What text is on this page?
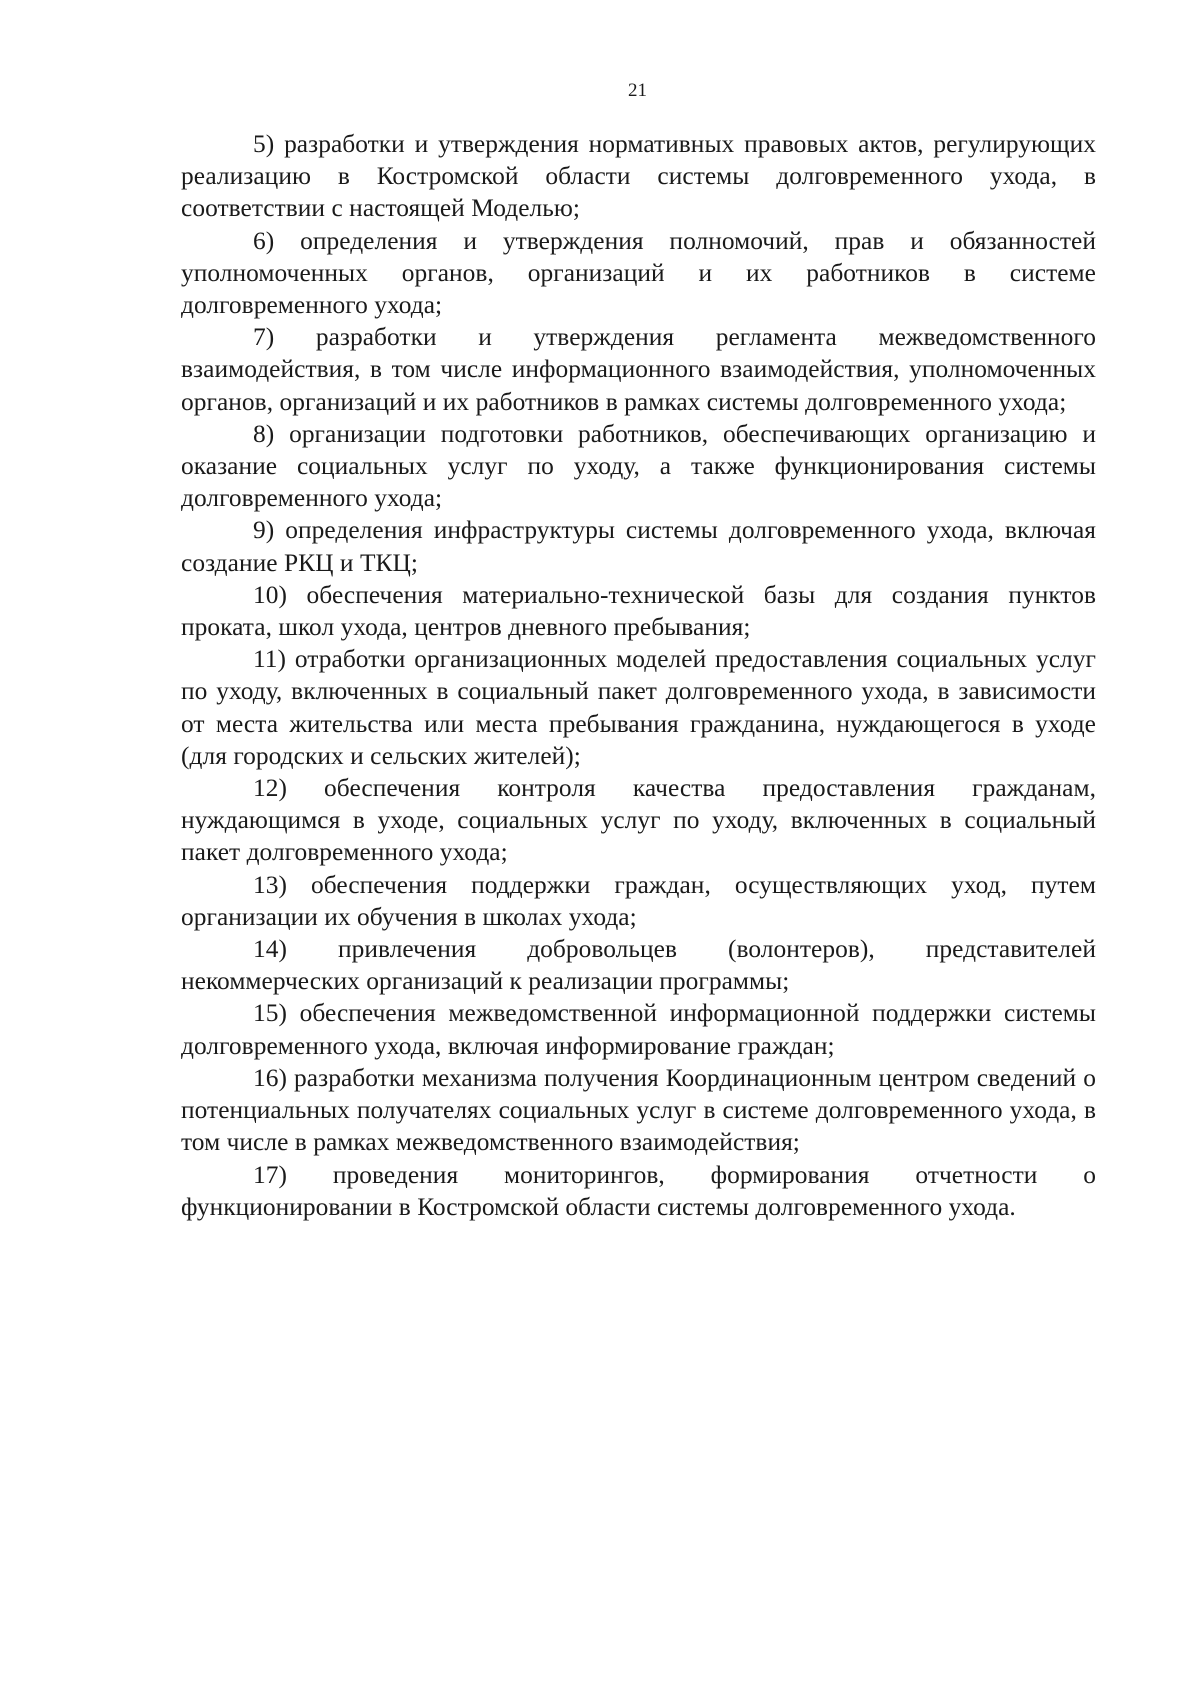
21

5) разработки и утверждения нормативных правовых актов, регулирующих реализацию в Костромской области системы долговременного ухода, в соответствии с настоящей Моделью;

6) определения и утверждения полномочий, прав и обязанностей уполномоченных органов, организаций и их работников в системе долговременного ухода;

7) разработки и утверждения регламента межведомственного взаимодействия, в том числе информационного взаимодействия, уполномоченных органов, организаций и их работников в рамках системы долговременного ухода;

8) организации подготовки работников, обеспечивающих организацию и оказание социальных услуг по уходу, а также функционирования системы долговременного ухода;

9) определения инфраструктуры системы долговременного ухода, включая создание РКЦ и ТКЦ;

10) обеспечения материально-технической базы для создания пунктов проката, школ ухода, центров дневного пребывания;

11) отработки организационных моделей предоставления социальных услуг по уходу, включенных в социальный пакет долговременного ухода, в зависимости от места жительства или места пребывания гражданина, нуждающегося в уходе (для городских и сельских жителей);

12) обеспечения контроля качества предоставления гражданам, нуждающимся в уходе, социальных услуг по уходу, включенных в социальный пакет долговременного ухода;

13) обеспечения поддержки граждан, осуществляющих уход, путем организации их обучения в школах ухода;

14) привлечения добровольцев (волонтеров), представителей некоммерческих организаций к реализации программы;

15) обеспечения межведомственной информационной поддержки системы долговременного ухода, включая информирование граждан;

16) разработки механизма получения Координационным центром сведений о потенциальных получателях социальных услуг в системе долговременного ухода, в том числе в рамках межведомственного взаимодействия;

17) проведения мониторингов, формирования отчетности о функционировании в Костромской области системы долговременного ухода.
